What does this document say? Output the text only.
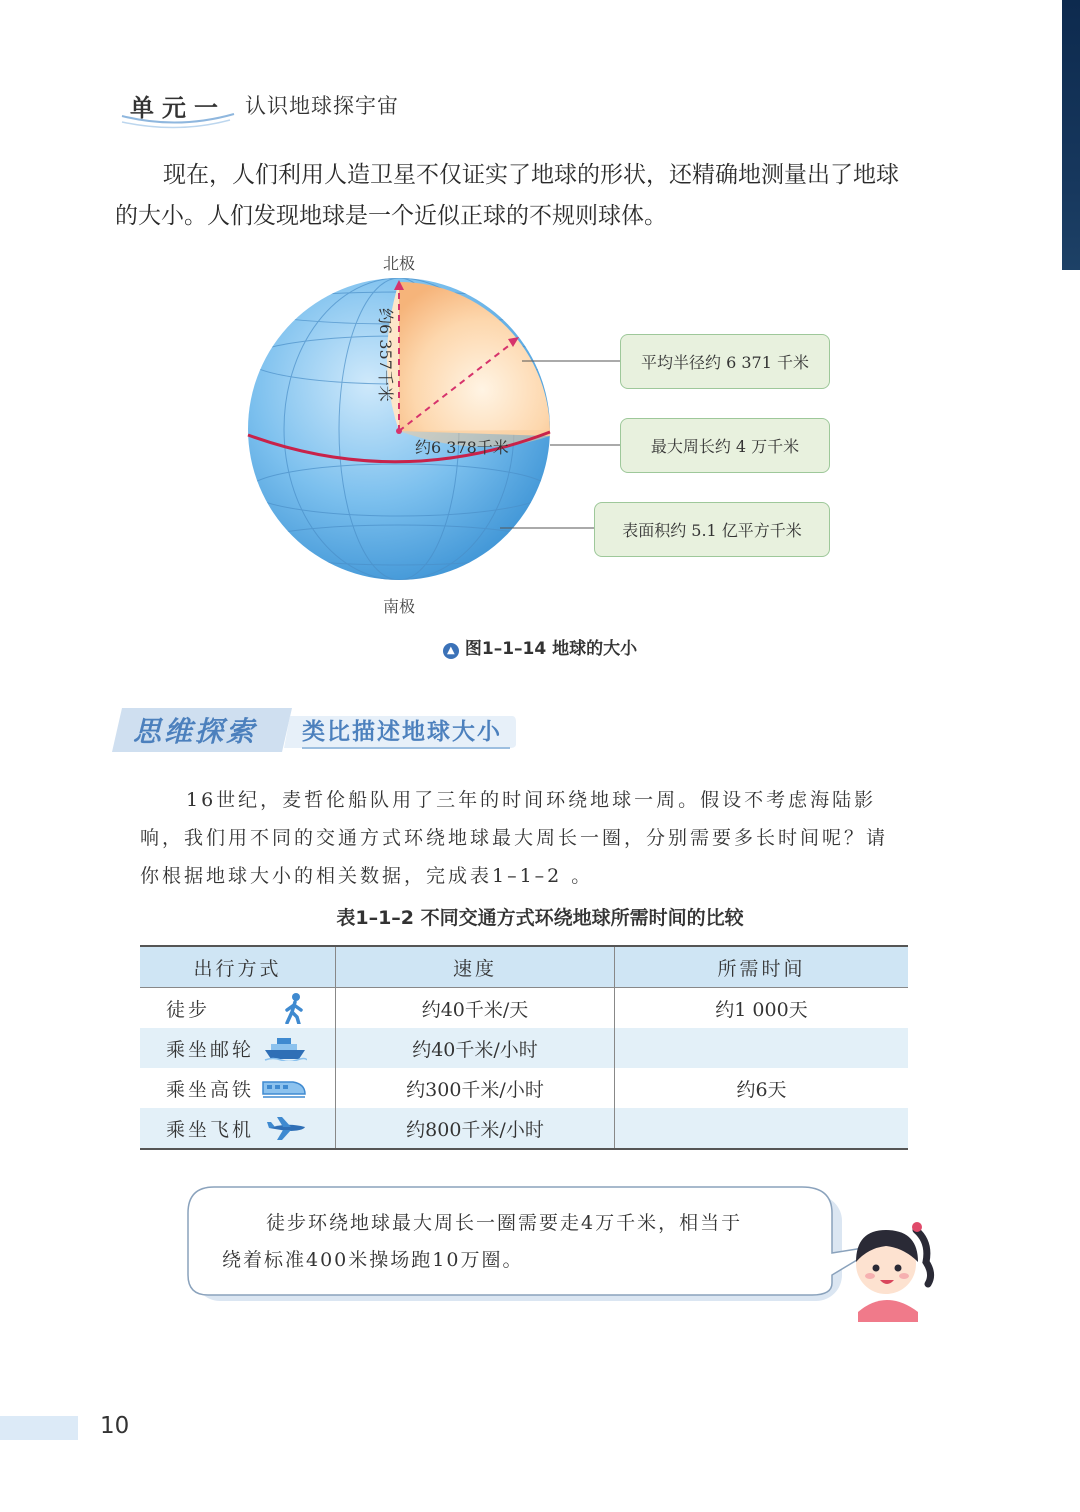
单元一 认识地球探宇宙

现在，人们利用人造卫星不仅证实了地球的形状，还精确地测量出了地球

的大小。人们发现地球是一个近似正球的不规则球体。

北极
南极
约6 357千米
约6 378千米
平均半径约 6 371 千米
最大周长约 4 万千米
表面积约 5.1 亿平方千米
▲ 图1–1–14 地球的大小
思维探索 类比描述地球大小

16世纪，麦哲伦船队用了三年的时间环绕地球一周。假设不考虑海陆影

响，我们用不同的交通方式环绕地球最大周长一圈，分别需要多长时间呢？请

你根据地球大小的相关数据，完成表1–1–2 。

表1–1–2 不同交通方式环绕地球所需时间的比较
出行方式	速度	所需时间

徒步	约40千米/天	约1 000天

乘坐邮轮	约40千米/小时	

乘坐高铁	约300千米/小时	约6天

乘坐飞机	约800千米/小时	

徒步环绕地球最大周长一圈需要走4万千米，相当于

绕着标准400米操场跑10万圈。

10
